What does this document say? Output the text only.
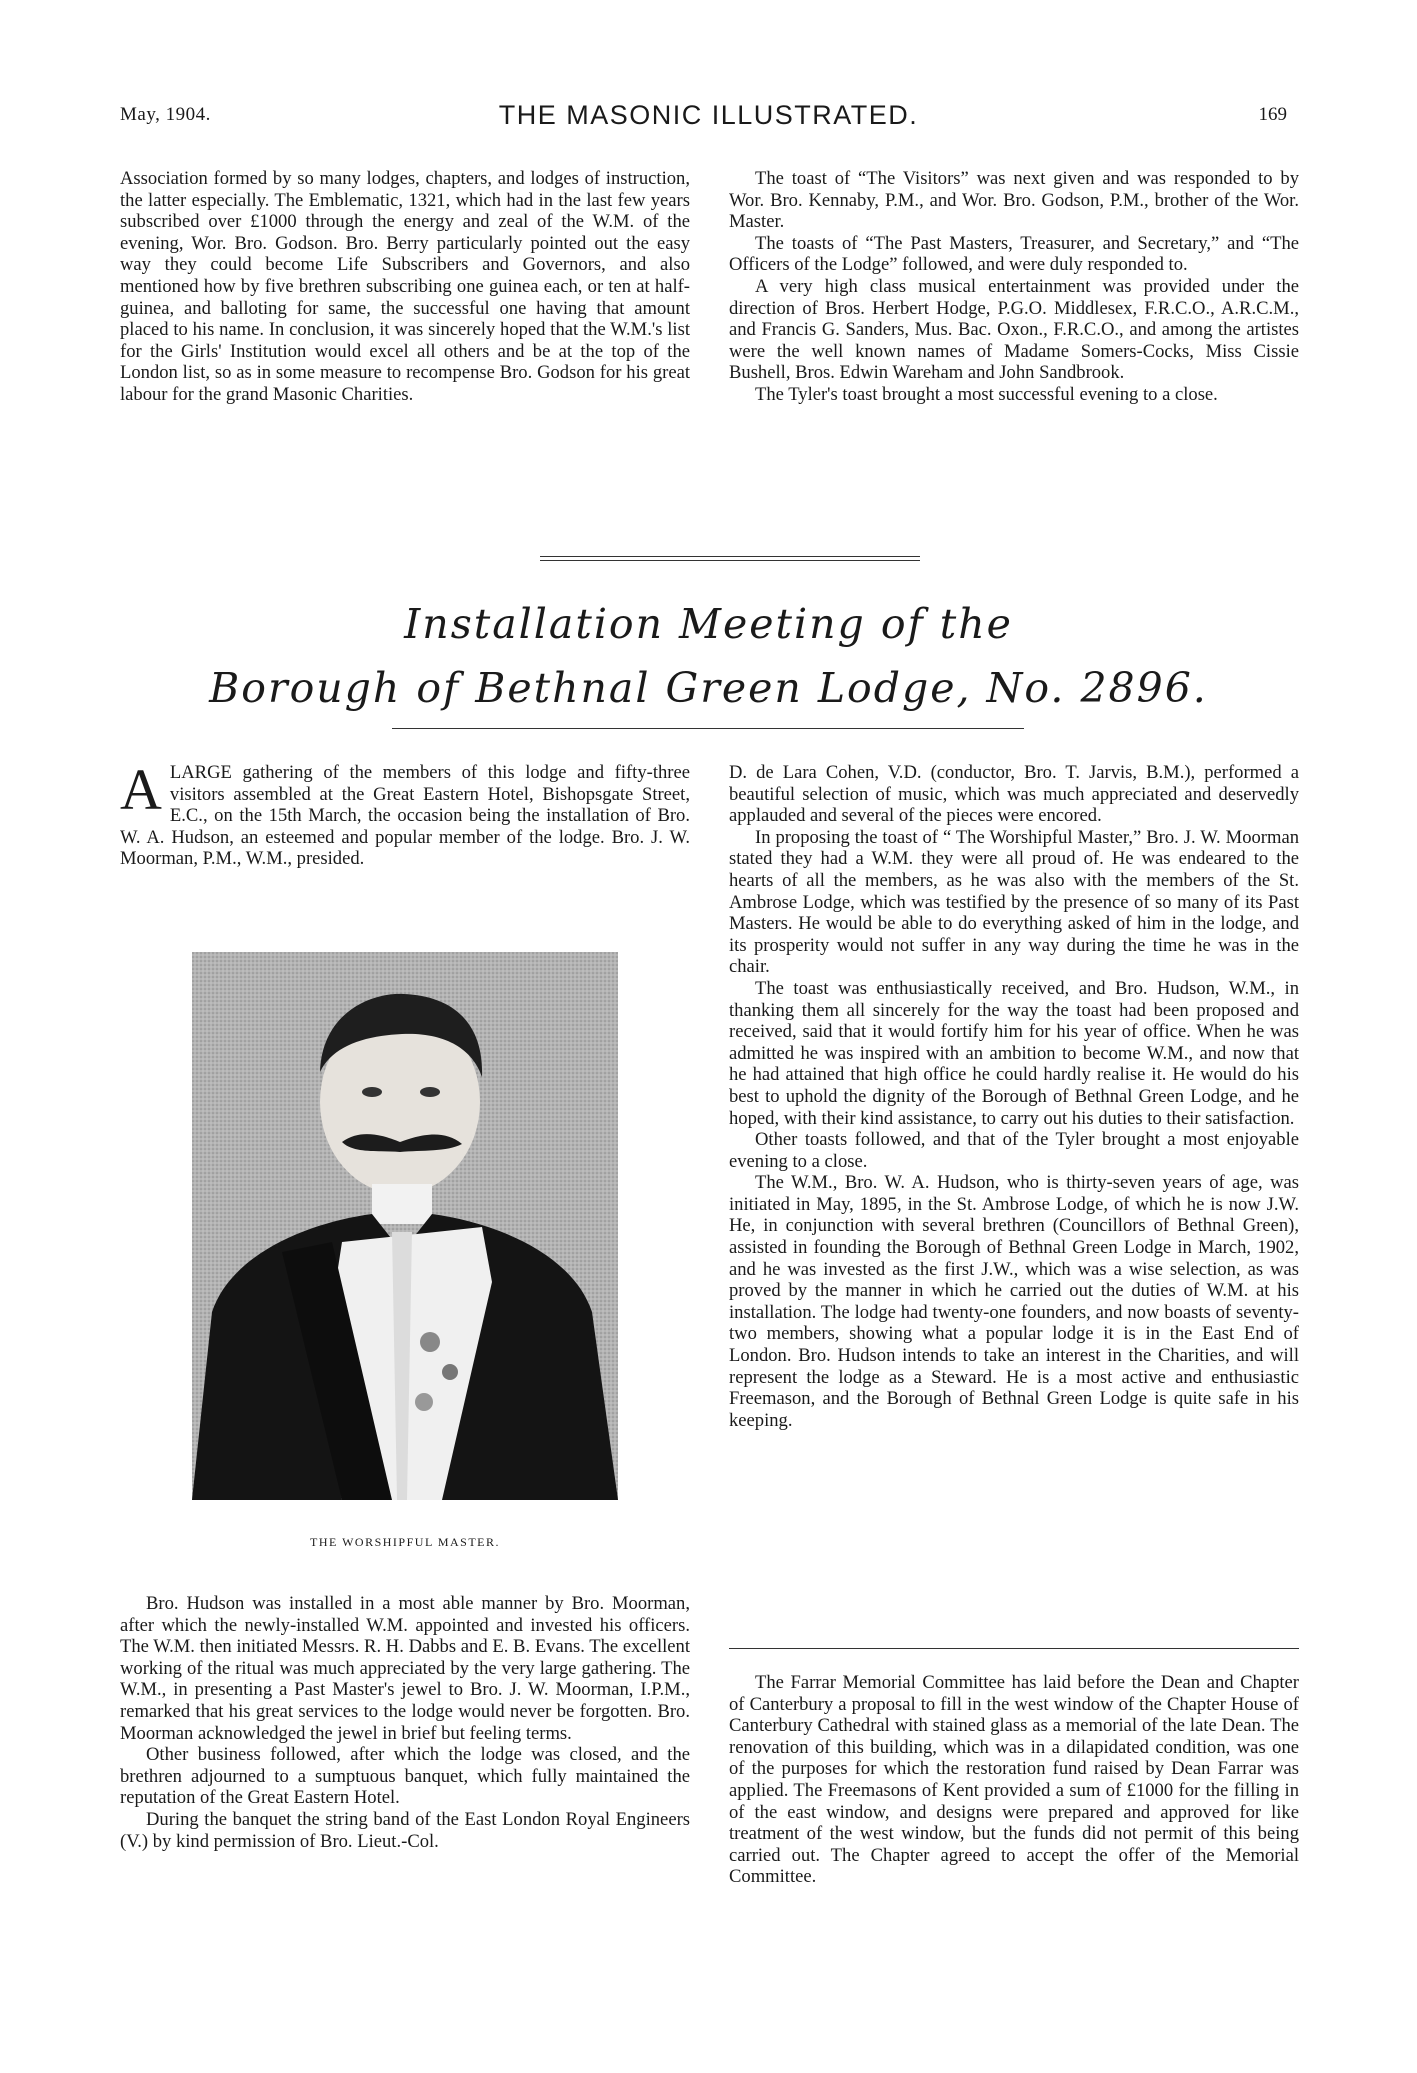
May, 1904.	THE MASONIC ILLUSTRATED.	169

Association formed by so many lodges, chapters, and lodges of instruction, the latter especially. The Emblematic, 1321, which had in the last few years subscribed over £1000 through the energy and zeal of the W.M. of the evening, Wor. Bro. Godson. Bro. Berry particularly pointed out the easy way they could become Life Subscribers and Governors, and also mentioned how by five brethren subscribing one guinea each, or ten at half-guinea, and balloting for same, the successful one having that amount placed to his name. In conclusion, it was sincerely hoped that the W.M.'s list for the Girls' Institution would excel all others and be at the top of the London list, so as in some measure to recompense Bro. Godson for his great labour for the grand Masonic Charities.

The toast of “The Visitors” was next given and was responded to by Wor. Bro. Kennaby, P.M., and Wor. Bro. Godson, P.M., brother of the Wor. Master.

The toasts of “The Past Masters, Treasurer, and Secretary,” and “The Officers of the Lodge” followed, and were duly responded to.

A very high class musical entertainment was provided under the direction of Bros. Herbert Hodge, P.G.O. Middlesex, F.R.C.O., A.R.C.M., and Francis G. Sanders, Mus. Bac. Oxon., F.R.C.O., and among the artistes were the well known names of Madame Somers-Cocks, Miss Cissie Bushell, Bros. Edwin Wareham and John Sandbrook.

The Tyler's toast brought a most successful evening to a close.

Installation Meeting of the
Borough of Bethnal Green Lodge, No. 2896.
A LARGE gathering of the members of this lodge and fifty-three visitors assembled at the Great Eastern Hotel, Bishopsgate Street, E.C., on the 15th March, the occasion being the installation of Bro. W. A. Hudson, an esteemed and popular member of the lodge. Bro. J. W. Moorman, P.M., W.M., presided.
THE WORSHIPFUL MASTER.

Bro. Hudson was installed in a most able manner by Bro. Moorman, after which the newly-installed W.M. appointed and invested his officers. The W.M. then initiated Messrs. R. H. Dabbs and E. B. Evans. The excellent working of the ritual was much appreciated by the very large gathering. The W.M., in presenting a Past Master's jewel to Bro. J. W. Moorman, I.P.M., remarked that his great services to the lodge would never be forgotten. Bro. Moorman acknowledged the jewel in brief but feeling terms.

Other business followed, after which the lodge was closed, and the brethren adjourned to a sumptuous banquet, which fully maintained the reputation of the Great Eastern Hotel.

During the banquet the string band of the East London Royal Engineers (V.) by kind permission of Bro. Lieut.-Col.

D. de Lara Cohen, V.D. (conductor, Bro. T. Jarvis, B.M.), performed a beautiful selection of music, which was much appreciated and deservedly applauded and several of the pieces were encored.

In proposing the toast of “ The Worshipful Master,” Bro. J. W. Moorman stated they had a W.M. they were all proud of. He was endeared to the hearts of all the members, as he was also with the members of the St. Ambrose Lodge, which was testified by the presence of so many of its Past Masters. He would be able to do everything asked of him in the lodge, and its prosperity would not suffer in any way during the time he was in the chair.

The toast was enthusiastically received, and Bro. Hudson, W.M., in thanking them all sincerely for the way the toast had been proposed and received, said that it would fortify him for his year of office. When he was admitted he was inspired with an ambition to become W.M., and now that he had attained that high office he could hardly realise it. He would do his best to uphold the dignity of the Borough of Bethnal Green Lodge, and he hoped, with their kind assistance, to carry out his duties to their satisfaction.

Other toasts followed, and that of the Tyler brought a most enjoyable evening to a close.

The W.M., Bro. W. A. Hudson, who is thirty-seven years of age, was initiated in May, 1895, in the St. Ambrose Lodge, of which he is now J.W. He, in conjunction with several brethren (Councillors of Bethnal Green), assisted in founding the Borough of Bethnal Green Lodge in March, 1902, and he was invested as the first J.W., which was a wise selection, as was proved by the manner in which he carried out the duties of W.M. at his installation. The lodge had twenty-one founders, and now boasts of seventy-two members, showing what a popular lodge it is in the East End of London. Bro. Hudson intends to take an interest in the Charities, and will represent the lodge as a Steward. He is a most active and enthusiastic Freemason, and the Borough of Bethnal Green Lodge is quite safe in his keeping.

The Farrar Memorial Committee has laid before the Dean and Chapter of Canterbury a proposal to fill in the west window of the Chapter House of Canterbury Cathedral with stained glass as a memorial of the late Dean. The renovation of this building, which was in a dilapidated condition, was one of the purposes for which the restoration fund raised by Dean Farrar was applied. The Freemasons of Kent provided a sum of £1000 for the filling in of the east window, and designs were prepared and approved for like treatment of the west window, but the funds did not permit of this being carried out. The Chapter agreed to accept the offer of the Memorial Committee.
